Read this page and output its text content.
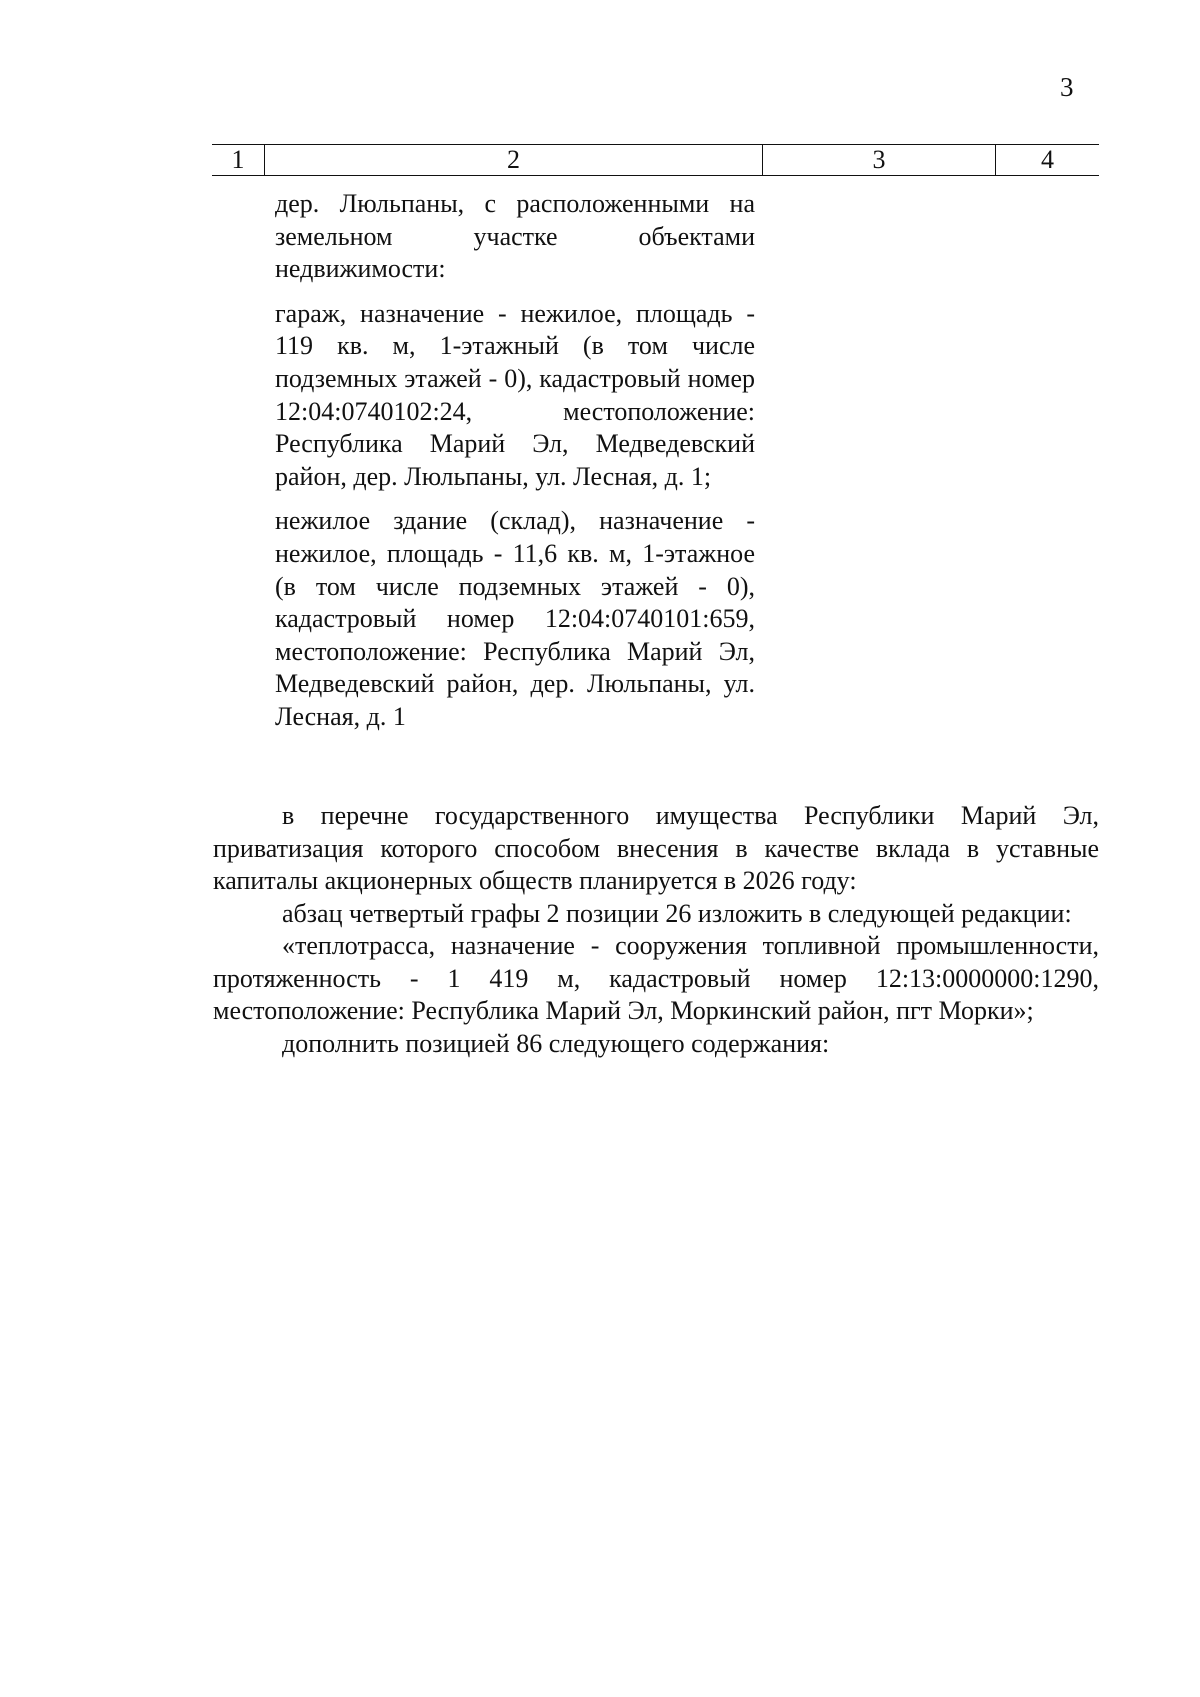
3
1	2	3	4

дер. Люльпаны, с расположенными на земельном участке объектами недвижимости:

гараж, назначение - нежилое, площадь - 119 кв. м, 1-этажный (в том числе подземных этажей - 0), кадастровый номер 12:04:0740102:24, местоположение: Республика Марий Эл, Медведевский район, дер. Люльпаны, ул. Лесная, д. 1;

нежилое здание (склад), назначение - нежилое, площадь - 11,6 кв. м, 1-этажное (в том числе подземных этажей - 0), кадастровый номер 12:04:0740101:659, местоположение: Республика Марий Эл, Медведевский район, дер. Люльпаны, ул. Лесная, д. 1

в перечне государственного имущества Республики Марий Эл, приватизация которого способом внесения в качестве вклада в уставные капиталы акционерных обществ планируется в 2026 году:

абзац четвертый графы 2 позиции 26 изложить в следующей редакции:

«теплотрасса, назначение - сооружения топливной промышленности, протяженность - 1 419 м, кадастровый номер 12:13:0000000:1290, местоположение: Республика Марий Эл, Моркинский район, пгт Морки»;

дополнить позицией 86 следующего содержания:
